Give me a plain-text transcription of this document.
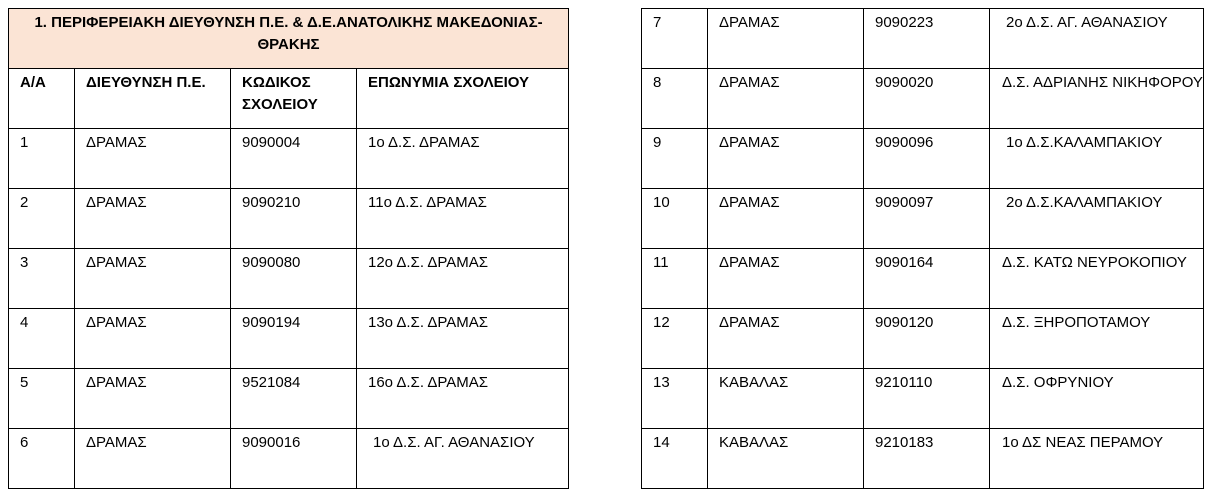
1. ΠΕΡΙΦΕΡΕΙΑΚΗ ΔΙΕΥΘΥΝΣΗ Π.Ε. & Δ.Ε.ΑΝΑΤΟΛΙΚΗΣ ΜΑΚΕΔΟΝΙΑΣ-ΘΡΑΚΗΣ			
Α/Α	ΔΙΕΥΘΥΝΣΗ Π.Ε.	ΚΩΔΙΚΟΣ ΣΧΟΛΕΙΟΥ	ΕΠΩΝΥΜΙΑ ΣΧΟΛΕΙΟΥ
1	ΔΡΑΜΑΣ	9090004	1ο Δ.Σ. ΔΡΑΜΑΣ
2	ΔΡΑΜΑΣ	9090210	11ο Δ.Σ. ΔΡΑΜΑΣ
3	ΔΡΑΜΑΣ	9090080	12ο Δ.Σ. ΔΡΑΜΑΣ
4	ΔΡΑΜΑΣ	9090194	13ο Δ.Σ. ΔΡΑΜΑΣ
5	ΔΡΑΜΑΣ	9521084	16ο Δ.Σ. ΔΡΑΜΑΣ
6	ΔΡΑΜΑΣ	9090016	1ο Δ.Σ. ΑΓ. ΑΘΑΝΑΣΙΟΥ
7	ΔΡΑΜΑΣ	9090223	2ο Δ.Σ. ΑΓ. ΑΘΑΝΑΣΙΟΥ
8	ΔΡΑΜΑΣ	9090020	Δ.Σ. ΑΔΡΙΑΝΗΣ ΝΙΚΗΦΟΡΟΥ
9	ΔΡΑΜΑΣ	9090096	1ο Δ.Σ.ΚΑΛΑΜΠΑΚΙΟΥ
10	ΔΡΑΜΑΣ	9090097	2ο Δ.Σ.ΚΑΛΑΜΠΑΚΙΟΥ
11	ΔΡΑΜΑΣ	9090164	Δ.Σ. ΚΑΤΩ ΝΕΥΡΟΚΟΠΙΟΥ
12	ΔΡΑΜΑΣ	9090120	Δ.Σ. ΞΗΡΟΠΟΤΑΜΟΥ
13	ΚΑΒΑΛΑΣ	9210110	Δ.Σ. ΟΦΡΥΝΙΟΥ
14	ΚΑΒΑΛΑΣ	9210183	1ο ΔΣ ΝΕΑΣ ΠΕΡΑΜΟΥ
